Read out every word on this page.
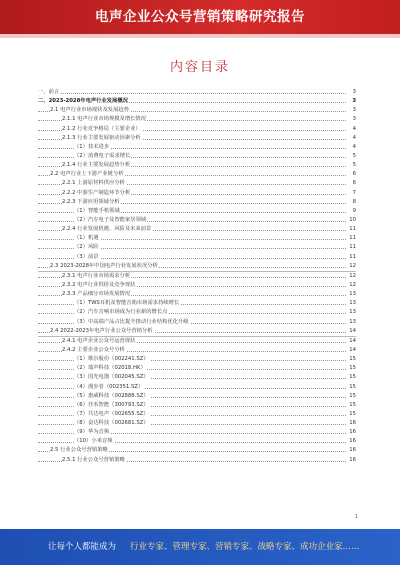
电声企业公众号营销策略研究报告
内容目录
一、前言	3
二、2023-2028年电声行业发展概况	3
2.1 电声行业市场现状及发展趋势	3
2.1.1 电声行业市场规模及增长情况	3
2.1.2 行业竞争格局（主要企业）	4
2.1.3 行业主要发展驱动因素分析	4
（1）技术进步	4
（2）消费电子需求增长	5
2.1.4 行业主要发展趋势分析	5
2.2 电声行业上下游产业链分析	6
2.2.1 上游原材料供应分析	6
2.2.2 中游生产制造环节分析	7
2.2.3 下游应用领域分析	8
（1）智能手机领域	9
（2）汽车电子及智能家居领域	10
2.2.4 行业发展机遇、风险及未来前景	11
（1）机遇	11
（2）风险	11
（3）前景	11
2.3 2023-2028年中国电声行业发展状况分析	12
2.3.1 电声行业市场需求分析	12
2.3.2 电声行业供给及竞争现状	12
2.3.3 产品细分市场发展情况	13
（1）TWS耳机及智能音箱市场需求持续增长	13
（2）汽车音响市场成为行业新的增长点	13
（3）中高端产品占比提升推动行业结构优化升级	13
2.4 2022-2023年电声行业公众号营销分析	14
2.4.1 电声企业公众号运营现状	14
2.4.2 主要企业公众号分析	14
（1）歌尔股份（002241.SZ）	15
（2）瑞声科技（02018.HK）	15
（3）国光电器（002045.SZ）	15
（4）漫步者（002351.SZ）	15
（5）惠威科技（002888.SZ）	15
（6）佳禾智能（300793.SZ）	15
（7）共达电声（002655.SZ）	15
（8）奋达科技（002681.SZ）	16
（9）华为音频	16
（10）小米音频	16
2.5 行业公众号营销策略	16
2.5.1 行业公众号营销策略	16
1
让每个人都能成为 行业专家、管理专家、营销专家、战略专家、成功企业家……
